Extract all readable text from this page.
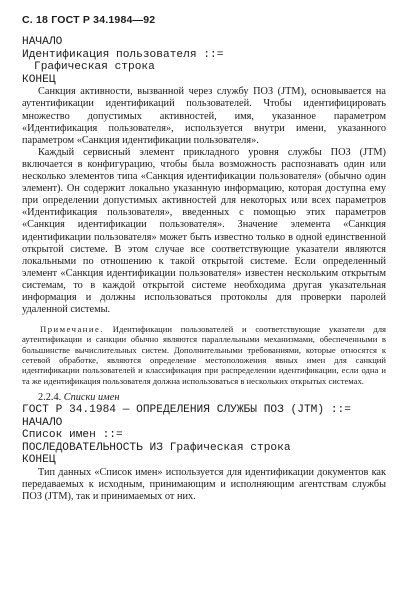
С. 18 ГОСТ Р 34.1984—92
НАЧАЛО
Идентификация пользователя ::=
Графическая строка
КОНЕЦ

Санкция активности, вызванной через службу ПОЗ (JTM), основывается на аутентификации идентификаций пользователей. Чтобы идентифицировать множество допустимых активностей, имя, указанное параметром «Идентификация пользователя», используется внутри имени, указанного параметром «Санкция идентификации пользователя».

Каждый сервисный элемент прикладного уровня службы ПОЗ (JTM) включается в конфигурацию, чтобы была возможность распознавать один или несколько элементов типа «Санкция идентификации пользователя» (обычно один элемент). Он содержит локально указанную информацию, которая доступна ему при определении допустимых активностей для некоторых или всех параметров «Идентификация пользователя», введенных с помощью этих параметров «Санкция идентификации пользователя». Значение элемента «Санкция идентификации пользователя» может быть известно только в одной единственной открытой системе. В этом случае все соответствующие указатели являются локальными по отношению к такой открытой системе. Если определенный элемент «Санкция идентификации пользователя» известен нескольким открытым системам, то в каждой открытой системе необходима другая указательная информация и должны использоваться протоколы для проверки паролей удаленной системы.

Примечание. Идентификации пользователей и соответствующие указатели для аутентификации и санкции обычно являются параллельными механизмами, обеспеченными в большинстве вычислительных систем. Дополнительными требованиями, которые относятся к сетевой обработке, являются определение местоположения явных имен для санкций идентификации пользователей и классификация при распределении идентификации, если одна и та же идентификация пользователя должна использоваться в нескольких открытых системах.

2.2.4. Списки имен
ГОСТ Р 34.1984 — ОПРЕДЕЛЕНИЯ СЛУЖБЫ ПОЗ (JTM) ::=
НАЧАЛО
Список имен ::=
ПОСЛЕДОВАТЕЛЬНОСТЬ ИЗ Графическая строка
КОНЕЦ

Тип данных «Список имен» используется для идентификации документов как передаваемых к исходным, принимающим и исполняющим агентствам службы ПОЗ (JTM), так и принимаемых от них.
